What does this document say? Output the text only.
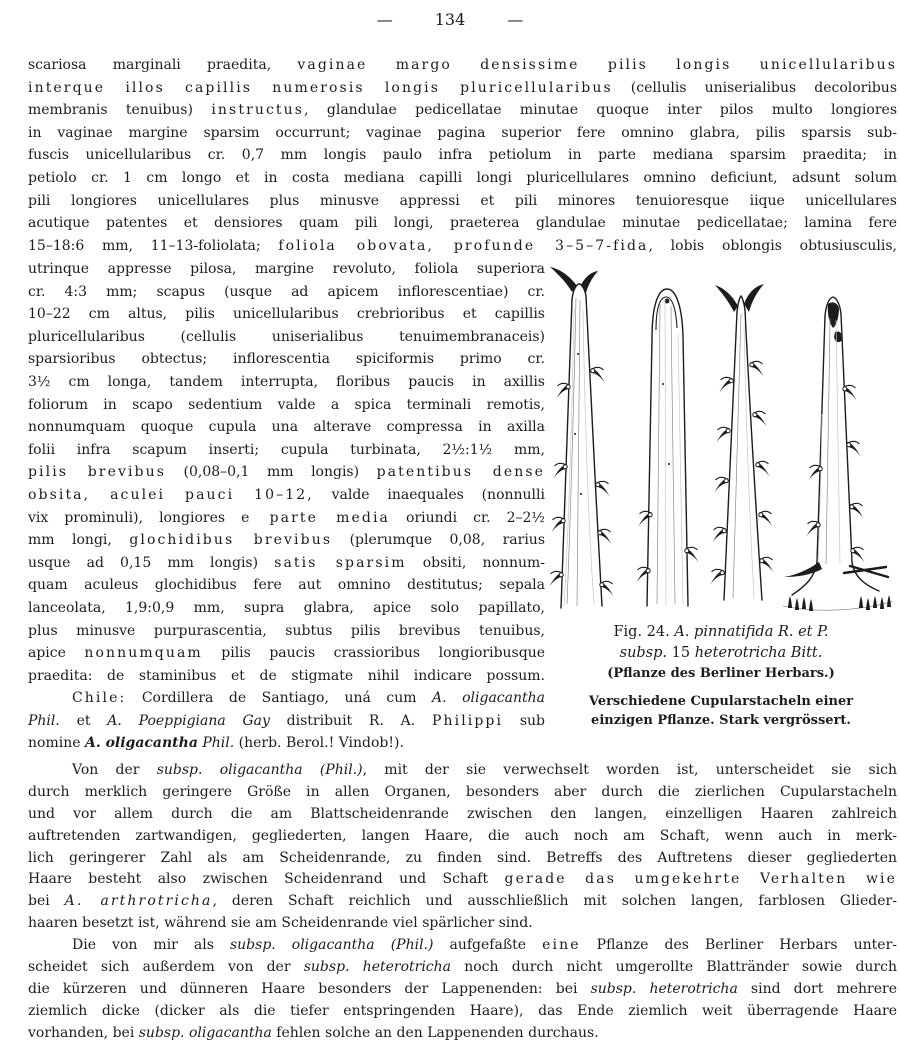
—	134	—
scariosa marginali praedita, vaginae margo densissime pilis longis unicellularibus
interque illos capillis numerosis longis pluricellularibus (cellulis uniserialibus decoloribus
membranis tenuibus) instructus, glandulae pedicellatae minutae quoque inter pilos multo longiores
in vaginae margine sparsim occurrunt; vaginae pagina superior fere omnino glabra, pilis sparsis sub-
fuscis unicellularibus cr. 0,7 mm longis paulo infra petiolum in parte mediana sparsim praedita; in
petiolo cr. 1 cm longo et in costa mediana capilli longi pluricellulares omnino deficiunt, adsunt solum
pili longiores unicellulares plus minusve appressi et pili minores tenuioresque iique unicellulares
acutique patentes et densiores quam pili longi, praeterea glandulae minutae pedicellatae; lamina fere
15–18:6 mm, 11–13-foliolata; foliola obovata, profunde 3–5–7-fida, lobis oblongis obtusiusculis,
utrinque appresse pilosa, margine revoluto, foliola superiora
cr. 4:3 mm; scapus (usque ad apicem inflorescentiae) cr.
10–22 cm altus, pilis unicellularibus crebrioribus et capillis
pluricellularibus (cellulis uniserialibus tenuimembranaceis)
sparsioribus obtectus; inflorescentia spiciformis primo cr.
3½ cm longa, tandem interrupta, floribus paucis in axillis
foliorum in scapo sedentium valde a spica terminali remotis,
nonnumquam quoque cupula una alterave compressa in axilla
folii infra scapum inserti; cupula turbinata, 2½:1½ mm,
pilis brevibus (0,08–0,1 mm longis) patentibus dense
obsita, aculei pauci 10–12, valde inaequales (nonnulli
vix prominuli), longiores e parte media oriundi cr. 2–2½
mm longi, glochidibus brevibus (plerumque 0,08, rarius
usque ad 0,15 mm longis) satis sparsim obsiti, nonnum-
quam aculeus glochidibus fere aut omnino destitutus; sepala
lanceolata, 1,9:0,9 mm, supra glabra, apice solo papillato,
plus minusve purpurascentia, subtus pilis brevibus tenuibus,
apice nonnumquam pilis paucis crassioribus longioribusque
praedita: de staminibus et de stigmate nihil indicare possum.
Chile: Cordillera de Santiago, uná cum A. oligacantha
Phil. et A. Poeppigiana Gay distribuit R. A. Philippi sub
nomine A. oligacantha Phil. (herb. Berol.! Vindob!).
Fig. 24. A. pinnatifida R. et P.
subsp. 15 heterotricha Bitt.
(Pflanze des Berliner Herbars.)
Verschiedene Cupularstacheln einer
einzigen Pflanze. Stark vergrössert.
Von der subsp. oligacantha (Phil.), mit der sie verwechselt worden ist, unterscheidet sie sich
durch merklich geringere Größe in allen Organen, besonders aber durch die zierlichen Cupularstacheln
und vor allem durch die am Blattscheidenrande zwischen den langen, einzelligen Haaren zahlreich
auftretenden zartwandigen, gegliederten, langen Haare, die auch noch am Schaft, wenn auch in merk-
lich geringerer Zahl als am Scheidenrande, zu finden sind. Betreffs des Auftretens dieser gegliederten
Haare besteht also zwischen Scheidenrand und Schaft gerade das umgekehrte Verhalten wie
bei A. arthrotricha, deren Schaft reichlich und ausschließlich mit solchen langen, farblosen Glieder-
haaren besetzt ist, während sie am Scheidenrande viel spärlicher sind.
Die von mir als subsp. oligacantha (Phil.) aufgefaßte eine Pflanze des Berliner Herbars unter-
scheidet sich außerdem von der subsp. heterotricha noch durch nicht umgerollte Blattränder sowie durch
die kürzeren und dünneren Haare besonders der Lappenenden: bei subsp. heterotricha sind dort mehrere
ziemlich dicke (dicker als die tiefer entspringenden Haare), das Ende ziemlich weit überragende Haare
vorhanden, bei subsp. oligacantha fehlen solche an den Lappenenden durchaus.
